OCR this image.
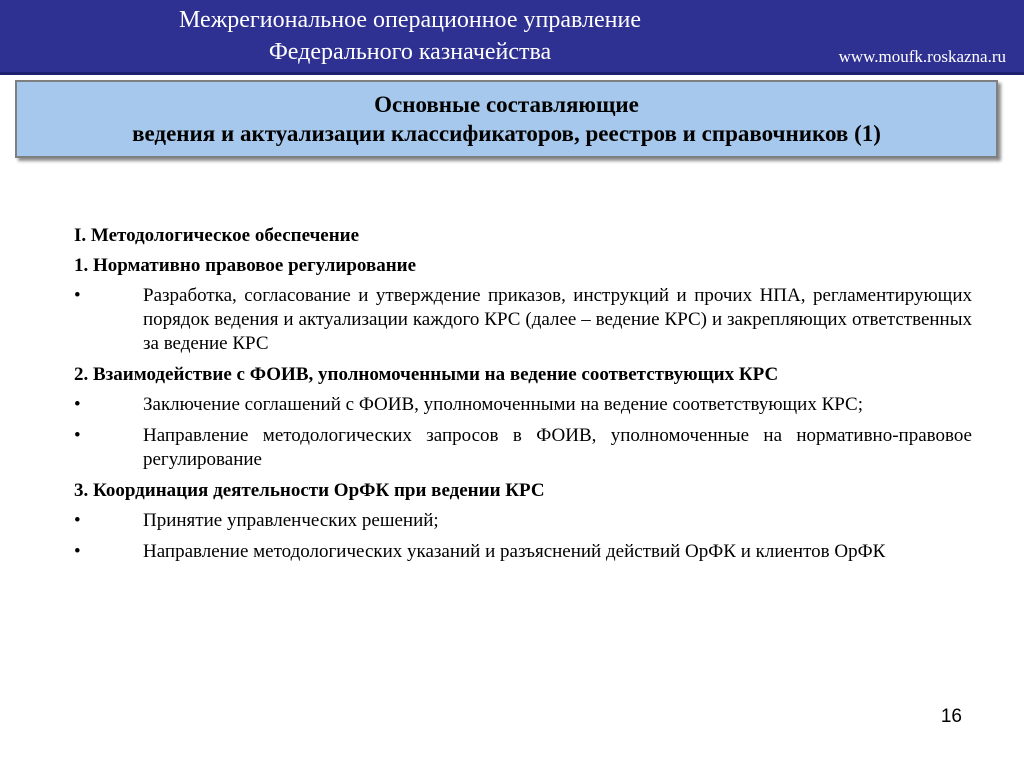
Межрегиональное операционное управление
Федерального казначейства	www.moufk.roskazna.ru
Основные составляющие
ведения и актуализации классификаторов, реестров и справочников (1)
I. Методологическое обеспечение
1. Нормативно правовое регулирование
•	Разработка, согласование и утверждение приказов, инструкций и прочих НПА, регламентирующих порядок ведения и актуализации каждого КРС (далее – ведение КРС) и закрепляющих ответственных за ведение КРС
2. Взаимодействие с ФОИВ, уполномоченными на ведение соответствующих КРС
•	Заключение соглашений с ФОИВ, уполномоченными на ведение соответствующих КРС;
•	Направление методологических запросов в ФОИВ, уполномоченные на нормативно-правовое регулирование
3. Координация деятельности ОрФК при ведении КРС
•	Принятие управленческих решений;
•	Направление методологических указаний и разъяснений действий ОрФК и клиентов ОрФК
16
